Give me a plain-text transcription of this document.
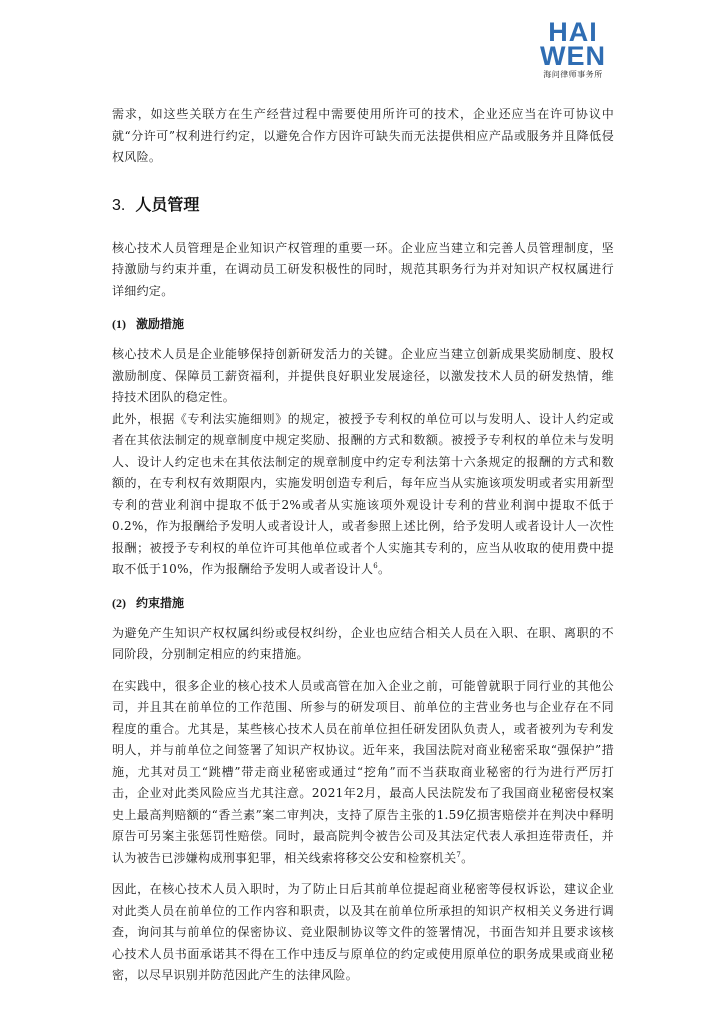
HAI
WEN
海问律师事务所

需求，如这些关联方在生产经营过程中需要使用所许可的技术，企业还应当在许可协议中就“分许可”权利进行约定，以避免合作方因许可缺失而无法提供相应产品或服务并且降低侵权风险。

3. 人员管理

核心技术人员管理是企业知识产权管理的重要一环。企业应当建立和完善人员管理制度，坚持激励与约束并重，在调动员工研发积极性的同时，规范其职务行为并对知识产权权属进行详细约定。

(1) 激励措施

核心技术人员是企业能够保持创新研发活力的关键。企业应当建立创新成果奖励制度、股权激励制度、保障员工薪资福利，并提供良好职业发展途径，以激发技术人员的研发热情，维持技术团队的稳定性。

此外，根据《专利法实施细则》的规定，被授予专利权的单位可以与发明人、设计人约定或者在其依法制定的规章制度中规定奖励、报酬的方式和数额。被授予专利权的单位未与发明人、设计人约定也未在其依法制定的规章制度中约定专利法第十六条规定的报酬的方式和数额的，在专利权有效期限内，实施发明创造专利后，每年应当从实施该项发明或者实用新型专利的营业利润中提取不低于2%或者从实施该项外观设计专利的营业利润中提取不低于0.2%，作为报酬给予发明人或者设计人，或者参照上述比例，给予发明人或者设计人一次性报酬；被授予专利权的单位许可其他单位或者个人实施其专利的，应当从收取的使用费中提取不低于10%，作为报酬给予发明人或者设计人$^6$。

(2) 约束措施

为避免产生知识产权权属纠纷或侵权纠纷，企业也应结合相关人员在入职、在职、离职的不同阶段，分别制定相应的约束措施。

在实践中，很多企业的核心技术人员或高管在加入企业之前，可能曾就职于同行业的其他公司，并且其在前单位的工作范围、所参与的研发项目、前单位的主营业务也与企业存在不同程度的重合。尤其是，某些核心技术人员在前单位担任研发团队负责人，或者被列为专利发明人，并与前单位之间签署了知识产权协议。近年来，我国法院对商业秘密采取“强保护”措施，尤其对员工“跳槽”带走商业秘密或通过“挖角”而不当获取商业秘密的行为进行严厉打击，企业对此类风险应当尤其注意。2021年2月，最高人民法院发布了我国商业秘密侵权案史上最高判赔额的“香兰素”案二审判决，支持了原告主张的1.59亿损害赔偿并在判决中释明原告可另案主张惩罚性赔偿。同时，最高院判令被告公司及其法定代表人承担连带责任，并认为被告已涉嫌构成刑事犯罪，相关线索将移交公安和检察机关$^7$。

因此，在核心技术人员入职时，为了防止日后其前单位提起商业秘密等侵权诉讼，建议企业对此类人员在前单位的工作内容和职责，以及其在前单位所承担的知识产权相关义务进行调查，询问其与前单位的保密协议、竞业限制协议等文件的签署情况，书面告知并且要求该核心技术人员书面承诺其不得在工作中违反与原单位的约定或使用原单位的职务成果或商业秘密，以尽早识别并防范因此产生的法律风险。
